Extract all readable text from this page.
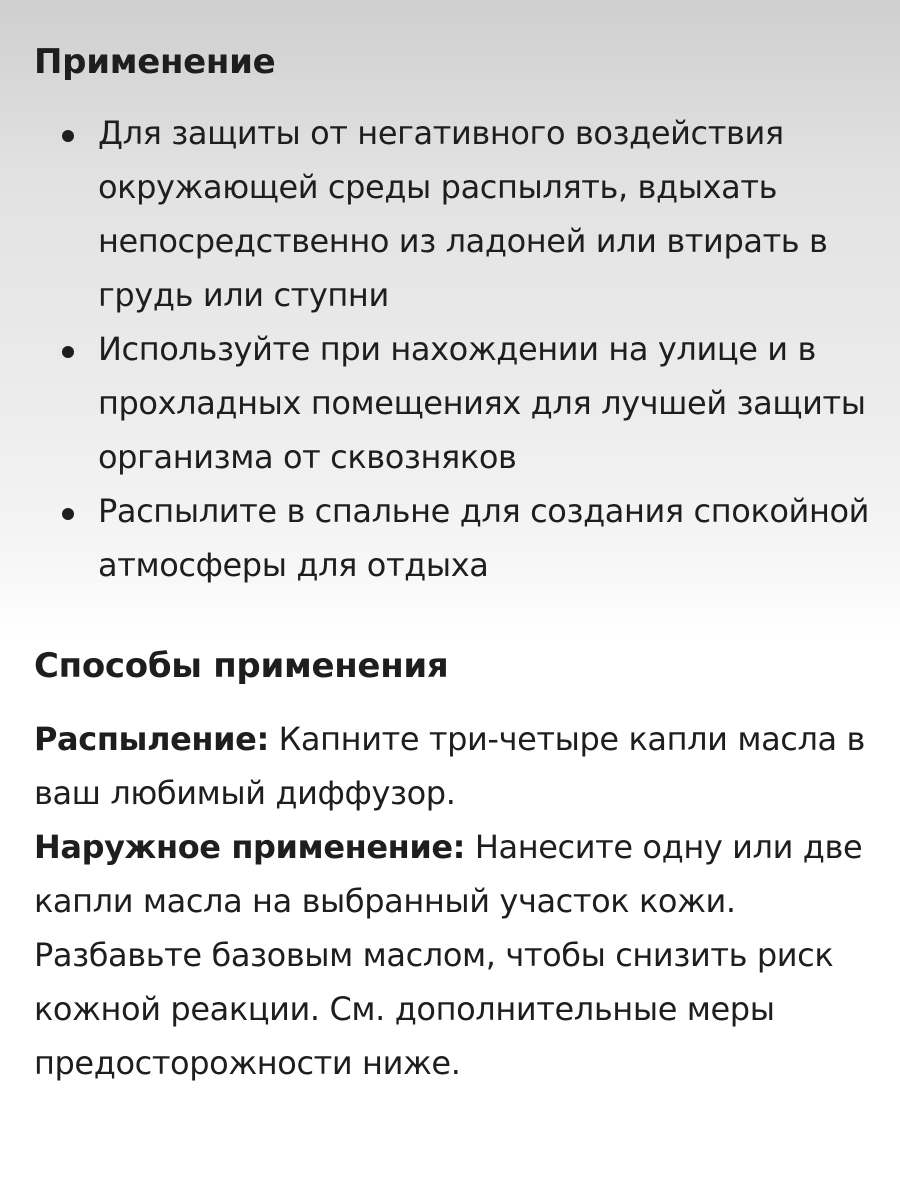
Применение
Для защиты от негативного воздействия окружающей среды распылять, вдыхать непосредственно из ладоней или втирать в грудь или ступни
Используйте при нахождении на улице и в прохладных помещениях для лучшей защиты организма от сквозняков
Распылите в спальне для создания спокойной атмосферы для отдыха
Способы применения

Распыление: Капните три-четыре капли масла в ваш любимый диффузор.

Наружное применение: Нанесите одну или две капли масла на выбранный участок кожи. Разбавьте базовым маслом, чтобы снизить риск кожной реакции. См. дополнительные меры предосторожности ниже.
